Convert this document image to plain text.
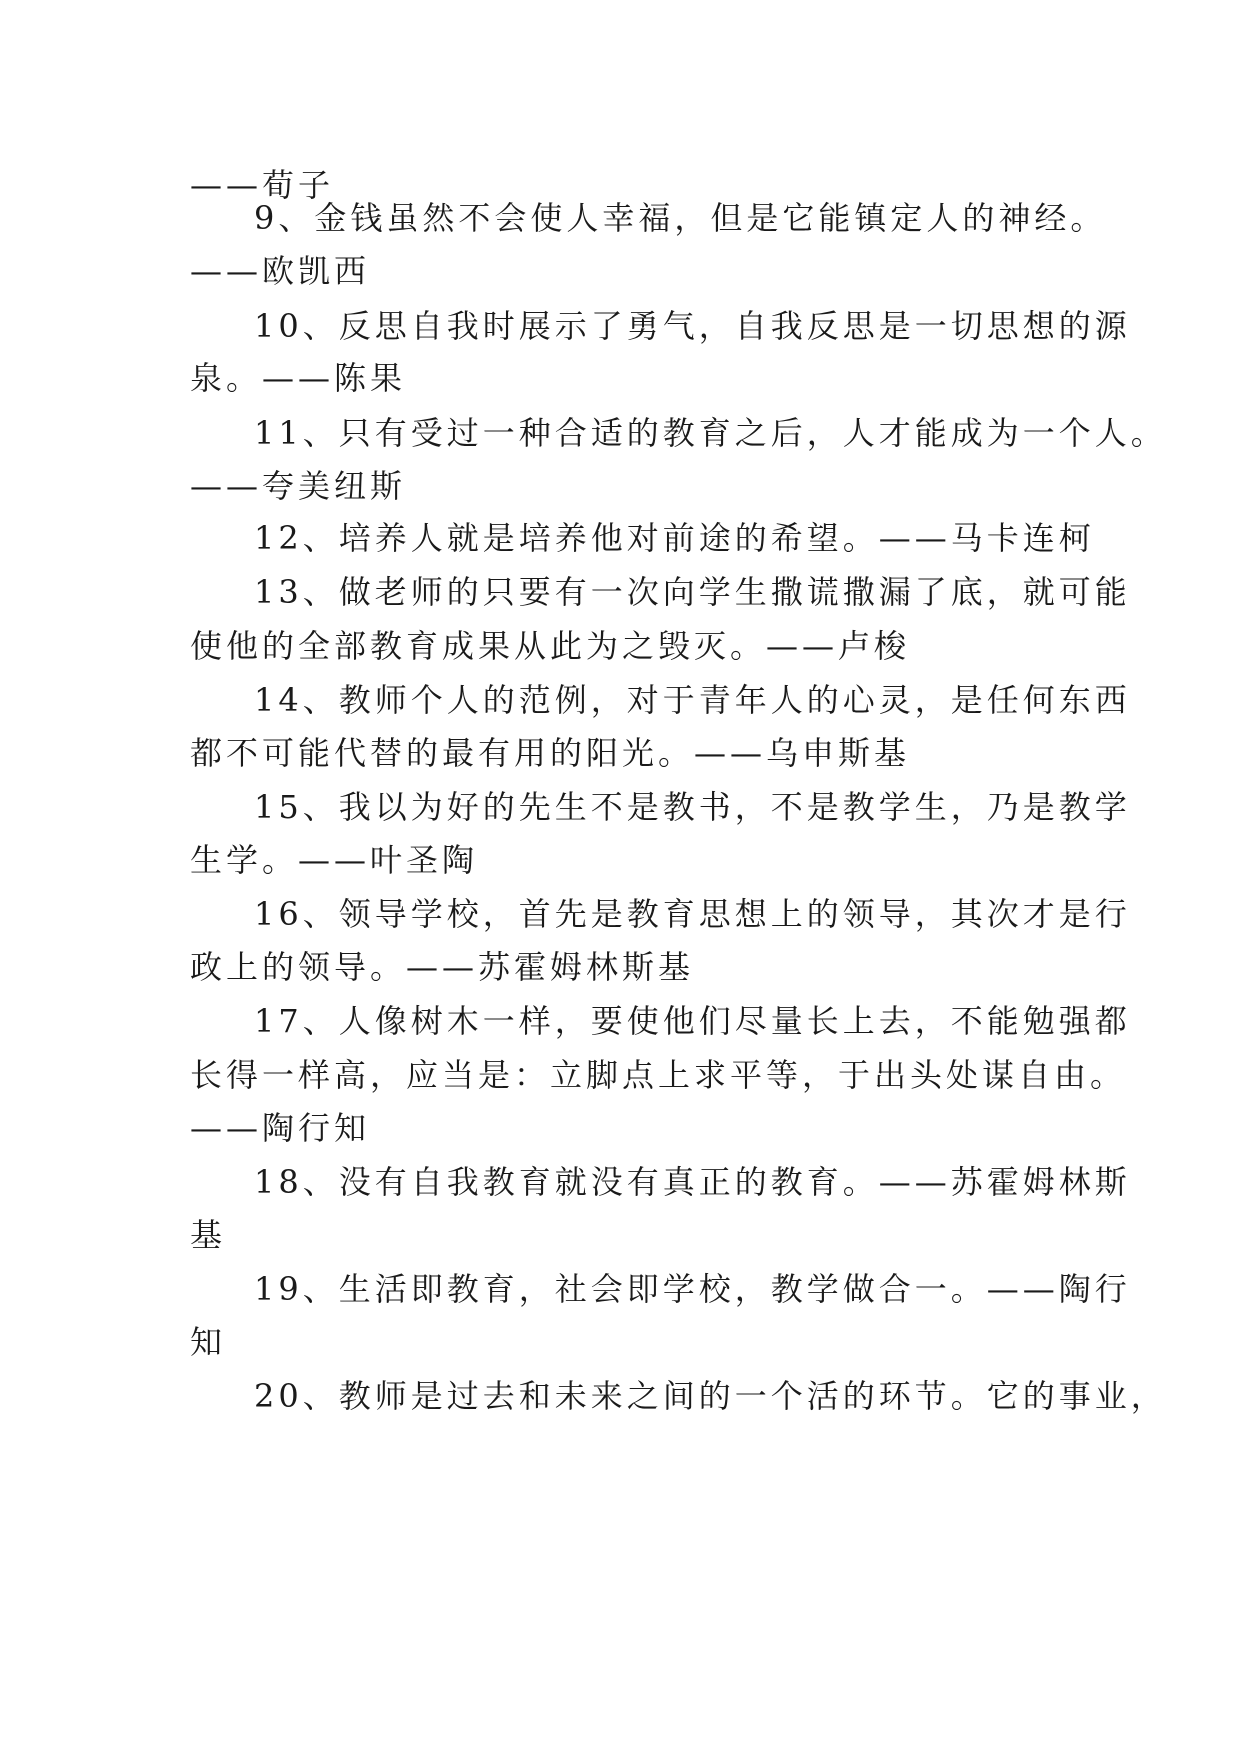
——荀子
9、金钱虽然不会使人幸福，但是它能镇定人的神经。
——欧凯西
10、反思自我时展示了勇气，自我反思是一切思想的源
泉。——陈果
11、只有受过一种合适的教育之后，人才能成为一个人。
——夸美纽斯
12、培养人就是培养他对前途的希望。——马卡连柯
13、做老师的只要有一次向学生撒谎撒漏了底，就可能
使他的全部教育成果从此为之毁灭。——卢梭
14、教师个人的范例，对于青年人的心灵，是任何东西
都不可能代替的最有用的阳光。——乌申斯基
15、我以为好的先生不是教书，不是教学生，乃是教学
生学。——叶圣陶
16、领导学校，首先是教育思想上的领导，其次才是行
政上的领导。——苏霍姆林斯基
17、人像树木一样，要使他们尽量长上去，不能勉强都
长得一样高，应当是：立脚点上求平等，于出头处谋自由。
——陶行知
18、没有自我教育就没有真正的教育。——苏霍姆林斯
基
19、生活即教育，社会即学校，教学做合一。——陶行
知
20、教师是过去和未来之间的一个活的环节。它的事业，
